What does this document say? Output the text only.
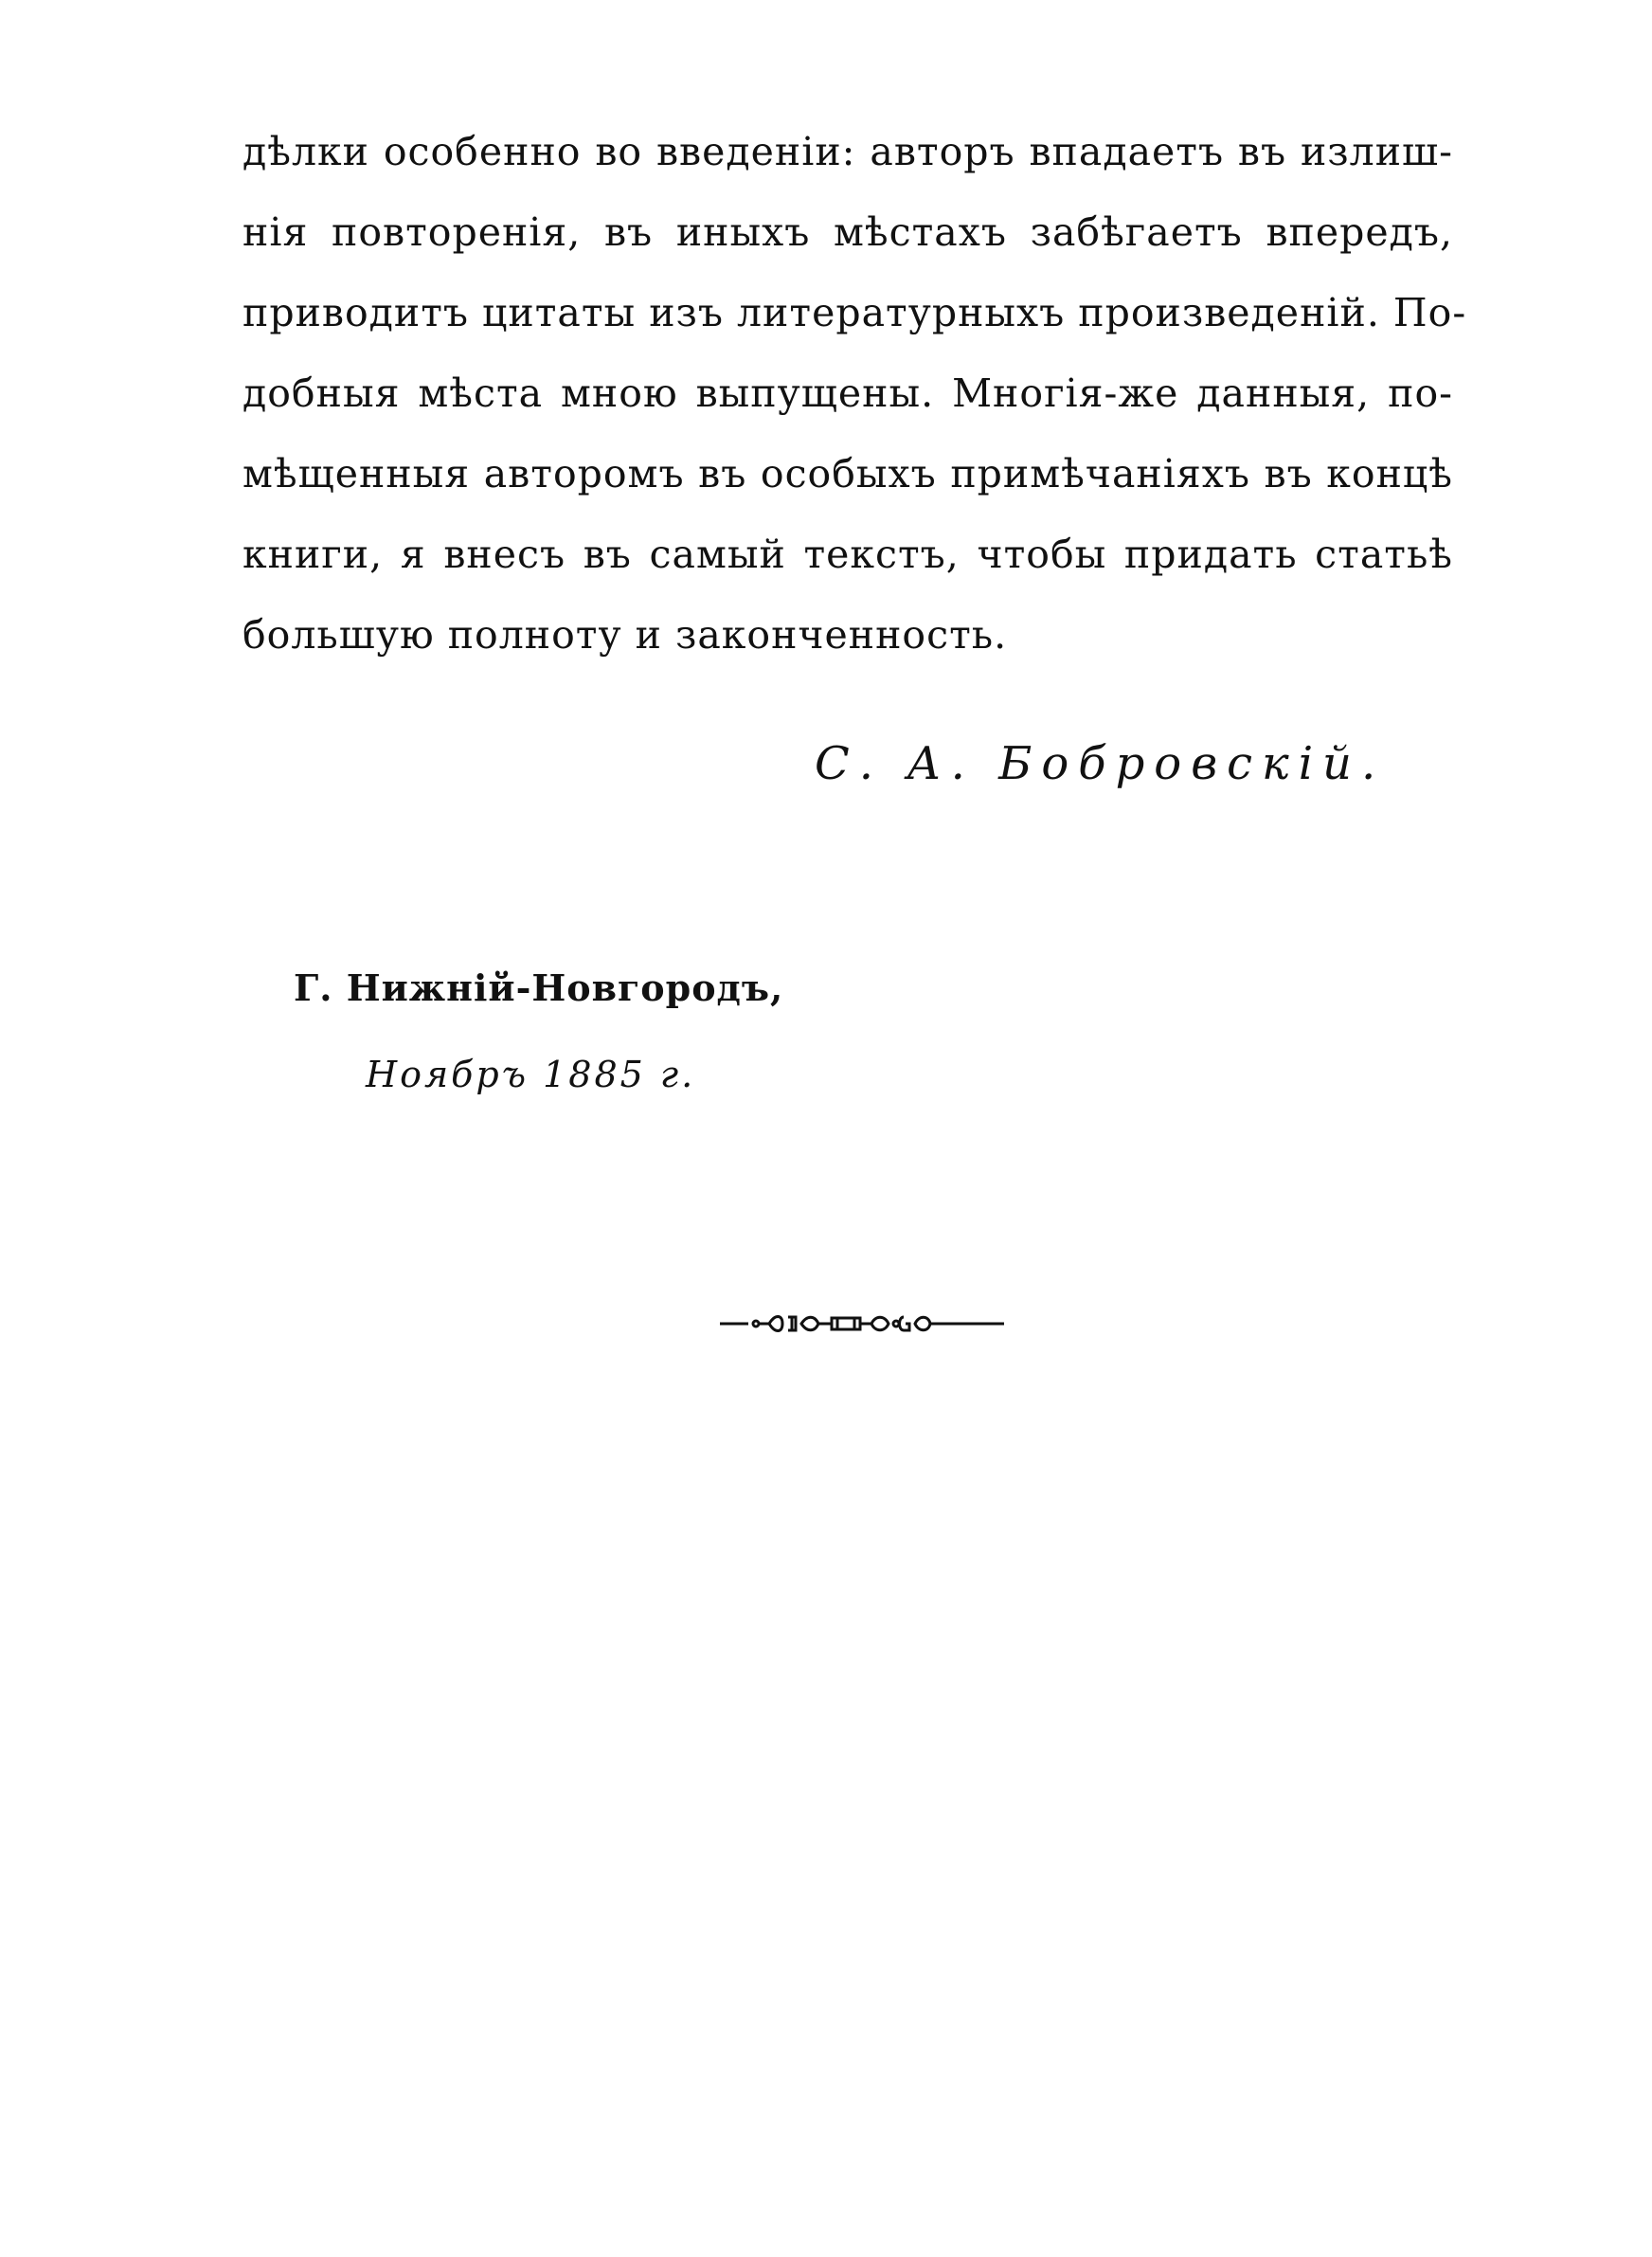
дѣлки особенно во введенiи: авторъ впадаетъ въ излиш-
нiя повторенiя, въ иныхъ мѣстахъ забѣгаетъ впередъ,
приводитъ цитаты изъ литературныхъ произведенiй. По-
добныя мѣста мною выпущены. Многiя-же данныя, по-
мѣщенныя авторомъ въ особыхъ примѣчанiяхъ въ концѣ
книги, я внесъ въ самый текстъ, чтобы придать статьѣ
большую полноту и законченность.
С. А. Бобровскiй.
Г. Нижнiй-Новгородъ,
Ноябръ 1885 г.
